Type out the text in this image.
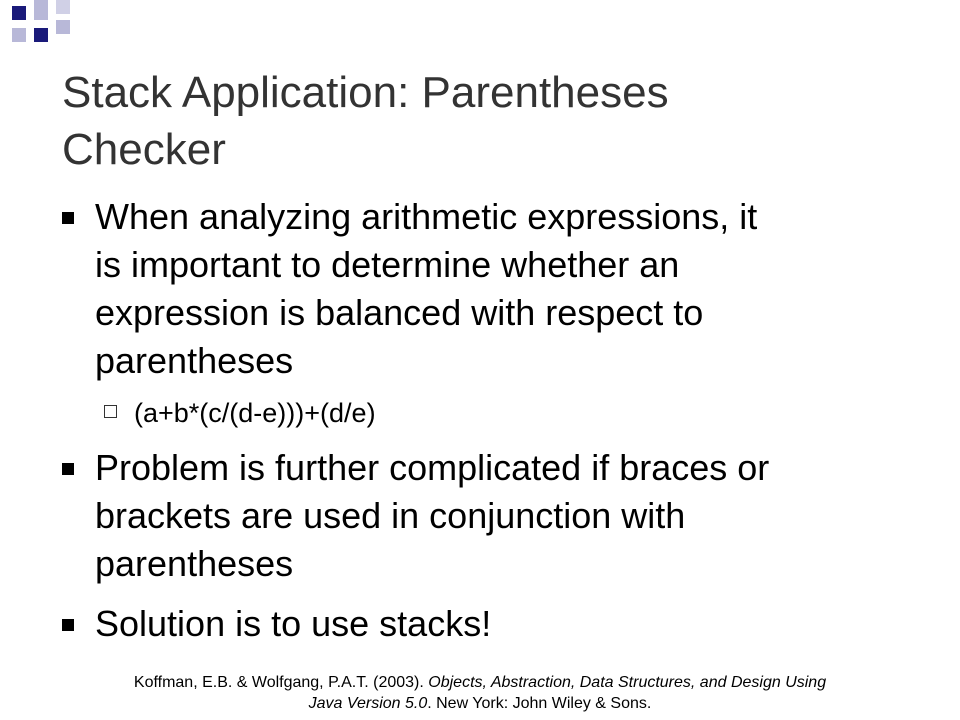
Stack Application: Parentheses
Checker
When analyzing arithmetic expressions, it
is important to determine whether an
expression is balanced with respect to
parentheses
(a+b*(c/(d-e)))+(d/e)
Problem is further complicated if braces or
brackets are used in conjunction with
parentheses
Solution is to use stacks!
Koffman, E.B. & Wolfgang, P.A.T. (2003). Objects, Abstraction, Data Structures, and Design Using
Java Version 5.0. New York: John Wiley & Sons.
